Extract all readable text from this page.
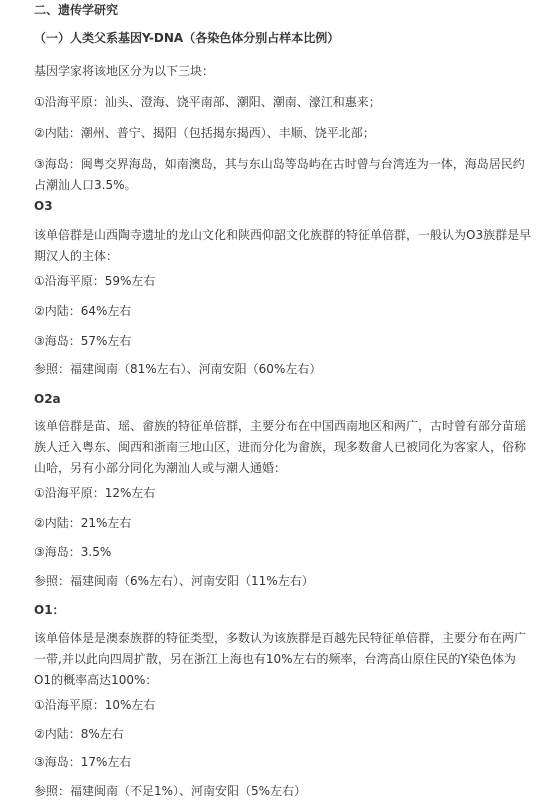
二、遗传学研究
（一）人类父系基因Y-DNA（各染色体分别占样本比例）
基因学家将该地区分为以下三块：
①沿海平原：汕头、澄海、饶平南部、潮阳、潮南、濠江和惠来；
②内陆：潮州、普宁、揭阳（包括揭东揭西）、丰顺、饶平北部；
③海岛：闽粤交界海岛，如南澳岛，其与东山岛等岛屿在古时曾与台湾连为一体，海岛居民约占潮汕人口3.5%。
O3
该单倍群是山西陶寺遗址的龙山文化和陕西仰韶文化族群的特征单倍群，一般认为O3族群是早期汉人的主体：
①沿海平原：59%左右
②内陆：64%左右
③海岛：57%左右
参照：福建闽南（81%左右）、河南安阳（60%左右）
O2a
该单倍群是苗、瑶、畲族的特征单倍群，主要分布在中国西南地区和两广，古时曾有部分苗瑶族人迁入粤东、闽西和浙南三地山区，进而分化为畲族，现多数畲人已被同化为客家人，俗称山哈，另有小部分同化为潮汕人或与潮人通婚：
①沿海平原：12%左右
②内陆：21%左右
③海岛：3.5%
参照：福建闽南（6%左右）、河南安阳（11%左右）
O1：
该单倍体是是澳泰族群的特征类型，多数认为该族群是百越先民特征单倍群，主要分布在两广一带,并以此向四周扩散，另在浙江上海也有10%左右的频率，台湾高山原住民的Y染色体为O1的概率高达100%：
①沿海平原：10%左右
②内陆：8%左右
③海岛：17%左右
参照：福建闽南（不足1%）、河南安阳（5%左右）
